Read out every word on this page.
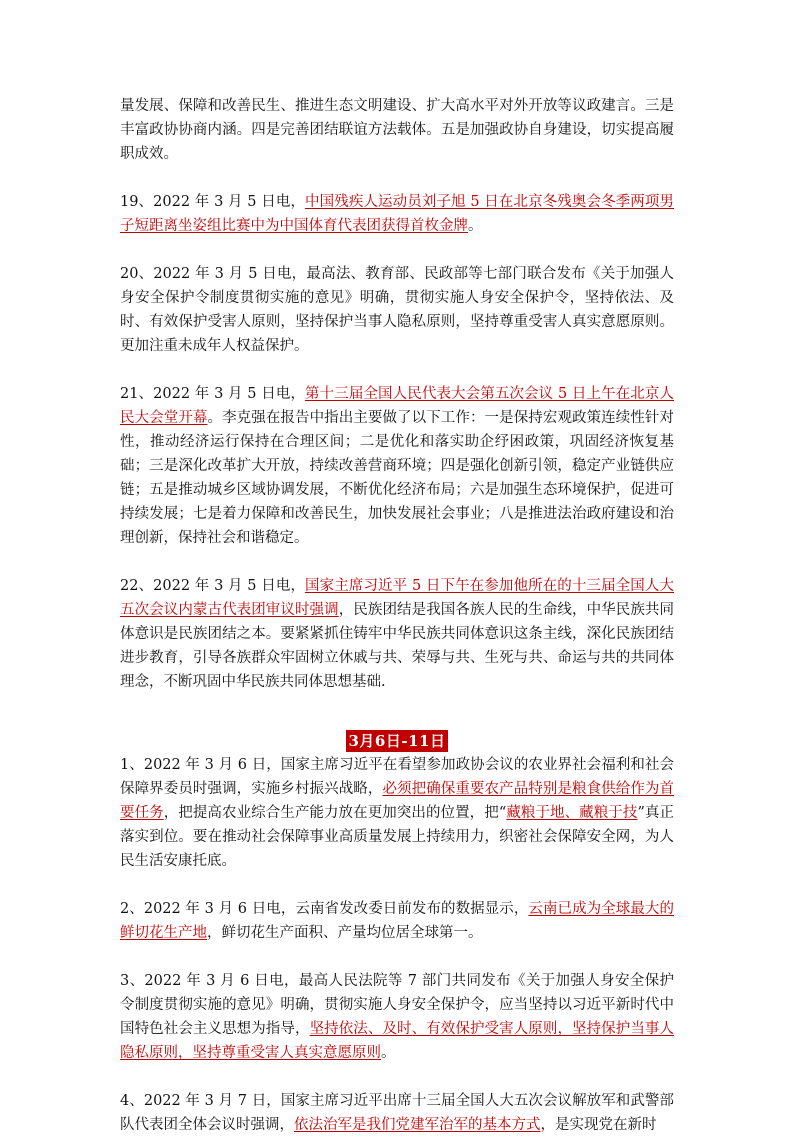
量发展、保障和改善民生、推进生态文明建设、扩大高水平对外开放等议政建言。三是丰富政协协商内涵。四是完善团结联谊方法载体。五是加强政协自身建设，切实提高履职成效。

19、2022 年 3 月 5 日电，中国残疾人运动员刘子旭 5 日在北京冬残奥会冬季两项男子短距离坐姿组比赛中为中国体育代表团获得首枚金牌。

20、2022 年 3 月 5 日电，最高法、教育部、民政部等七部门联合发布《关于加强人身安全保护令制度贯彻实施的意见》明确，贯彻实施人身安全保护令，坚持依法、及时、有效保护受害人原则，坚持保护当事人隐私原则，坚持尊重受害人真实意愿原则。更加注重未成年人权益保护。

21、2022 年 3 月 5 日电，第十三届全国人民代表大会第五次会议 5 日上午在北京人民大会堂开幕。李克强在报告中指出主要做了以下工作：一是保持宏观政策连续性针对性，推动经济运行保持在合理区间；二是优化和落实助企纾困政策，巩固经济恢复基础；三是深化改革扩大开放，持续改善营商环境；四是强化创新引领，稳定产业链供应链；五是推动城乡区域协调发展，不断优化经济布局；六是加强生态环境保护，促进可持续发展；七是着力保障和改善民生，加快发展社会事业；八是推进法治政府建设和治理创新，保持社会和谐稳定。

22、2022 年 3 月 5 日电，国家主席习近平 5 日下午在参加他所在的十三届全国人大五次会议内蒙古代表团审议时强调，民族团结是我国各族人民的生命线，中华民族共同体意识是民族团结之本。要紧紧抓住铸牢中华民族共同体意识这条主线，深化民族团结进步教育，引导各族群众牢固树立休戚与共、荣辱与共、生死与共、命运与共的共同体理念，不断巩固中华民族共同体思想基础.

3月6日-11日

1、2022 年 3 月 6 日，国家主席习近平在看望参加政协会议的农业界社会福利和社会保障界委员时强调，实施乡村振兴战略，必须把确保重要农产品特别是粮食供给作为首要任务，把提高农业综合生产能力放在更加突出的位置，把“藏粮于地、藏粮于技”真正落实到位。要在推动社会保障事业高质量发展上持续用力，织密社会保障安全网，为人民生活安康托底。

2、2022 年 3 月 6 日电，云南省发改委日前发布的数据显示，云南已成为全球最大的鲜切花生产地，鲜切花生产面积、产量均位居全球第一。

3、2022 年 3 月 6 日电，最高人民法院等 7 部门共同发布《关于加强人身安全保护令制度贯彻实施的意见》明确，贯彻实施人身安全保护令，应当坚持以习近平新时代中国特色社会主义思想为指导，坚持依法、及时、有效保护受害人原则，坚持保护当事人隐私原则，坚持尊重受害人真实意愿原则。

4、2022 年 3 月 7 日，国家主席习近平出席十三届全国人大五次会议解放军和武警部队代表团全体会议时强调，依法治军是我们党建军治军的基本方式，是实现党在新时
